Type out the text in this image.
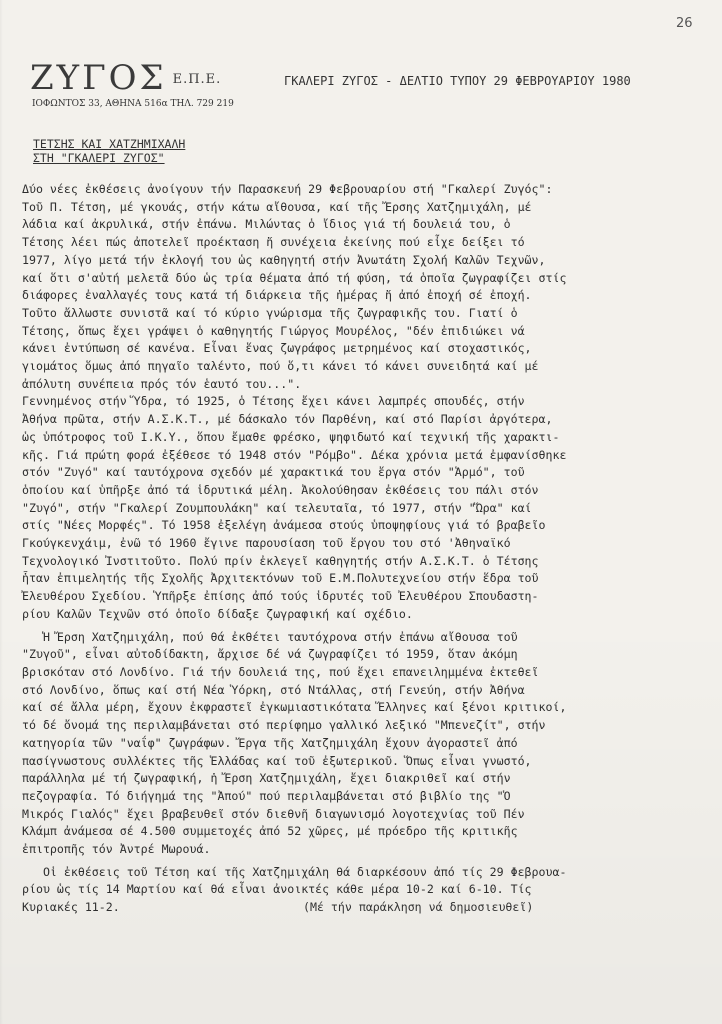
26
ΖΥΓΟΣ Ε.Π.Ε.
ΙΟΦΩΝΤΟΣ 33, ΑΘΗΝΑ 516α ΤΗΛ. 729 219
ΓΚΑΛΕΡΙ ΖΥΓΟΣ - ΔΕΛΤΙΟ ΤΥΠΟΥ 29 ΦΕΒΡΟΥΑΡΙΟΥ 1980
ΤΕΤΣΗΣ ΚΑΙ ΧΑΤΖΗΜΙΧΑΛΗ
ΣΤΗ "ΓΚΑΛΕΡΙ ΖΥΓΟΣ"
Δύο νέες ἐκθέσεις ἀνοίγουν τήν Παρασκευή 29 Φεβρουαρίου στή "Γκαλερί Ζυγός":
Τοῦ Π. Τέτση, μέ γκουάς, στήν κάτω αἴθουσα, καί τῆς Ἔρσης Χατζημιχάλη, μέ
λάδια καί ἀκρυλικά, στήν ἐπάνω. Μιλώντας ὁ ἴδιος γιά τή δουλειά του, ὁ
Τέτσης λέει πώς ἀποτελεῖ προέκταση ἤ συνέχεια ἐκείνης πού εἶχε δείξει τό
1977, λίγο μετά τήν ἐκλογή του ὡς καθηγητή στήν Ἀνωτάτη Σχολή Καλῶν Τεχνῶν,
καί ὅτι σ'αὐτή μελετᾶ δύο ὡς τρία θέματα ἀπό τή φύση, τά ὁποῖα ζωγραφίζει στίς
διάφορες ἐναλλαγές τους κατά τή διάρκεια τῆς ἡμέρας ἤ ἀπό ἐποχή σέ ἐποχή.
Τοῦτο ἄλλωστε συνιστᾶ καί τό κύριο γνώρισμα τῆς ζωγραφικῆς του. Γιατί ὁ
Τέτσης, ὅπως ἔχει γράψει ὁ καθηγητής Γιώργος Μουρέλος, "δέν ἐπιδιώκει νά
κάνει ἐντύπωση σέ κανένα. Εἶναι ἕνας ζωγράφος μετρημένος καί στοχαστικός,
γιομάτος ὅμως ἀπό πηγαῖο ταλέντο, πού ὅ,τι κάνει τό κάνει συνειδητά καί μέ
ἀπόλυτη συνέπεια πρός τόν ἑαυτό του...".
Γεννημένος στήν Ὕδρα, τό 1925, ὁ Τέτσης ἔχει κάνει λαμπρές σπουδές, στήν
Ἀθήνα πρῶτα, στήν Α.Σ.Κ.Τ., μέ δάσκαλο τόν Παρθένη, καί στό Παρίσι ἀργότερα,
ὡς ὑπότροφος τοῦ Ι.Κ.Υ., ὅπου ἔμαθε φρέσκο, ψηφιδωτό καί τεχνική τῆς χαρακτι-
κῆς. Γιά πρώτη φορά ἐξέθεσε τό 1948 στόν "Ρόμβο". Δέκα χρόνια μετά ἐμφανίσθηκε
στόν "Ζυγό" καί ταυτόχρονα σχεδόν μέ χαρακτικά του ἔργα στόν "Ἁρμό", τοῦ
ὁποίου καί ὑπῆρξε ἀπό τά ἱδρυτικά μέλη. Ἀκολούθησαν ἐκθέσεις του πάλι στόν
"Ζυγό", στήν "Γκαλερί Ζουμπουλάκη" καί τελευταῖα, τό 1977, στήν "Ὥρα" καί
στίς "Νέες Μορφές". Τό 1958 ἐξελέγη ἀνάμεσα στούς ὑποψηφίους γιά τό βραβεῖο
Γκούγκενχάιμ, ἐνῶ τό 1960 ἔγινε παρουσίαση τοῦ ἔργου του στό 'Ἀθηναϊκό
Τεχνολογικό Ἰνστιτοῦτο. Πολύ πρίν ἐκλεγεῖ καθηγητής στήν Α.Σ.Κ.Τ. ὁ Τέτσης
ἦταν ἐπιμελητής τῆς Σχολῆς Ἀρχιτεκτόνων τοῦ Ε.Μ.Πολυτεχνείου στήν ἕδρα τοῦ
Ἐλευθέρου Σχεδίου. Ὑπῆρξε ἐπίσης ἀπό τούς ἱδρυτές τοῦ Ἐλευθέρου Σπουδαστη-
ρίου Καλῶν Τεχνῶν στό ὁποῖο δίδαξε ζωγραφική καί σχέδιο.
Ἡ Ἔρση Χατζημιχάλη, πού θά ἐκθέτει ταυτόχρονα στήν ἐπάνω αἴθουσα τοῦ
"Ζυγοῦ", εἶναι αὐτοδίδακτη, ἄρχισε δέ νά ζωγραφίζει τό 1959, ὅταν ἀκόμη
βρισκόταν στό Λονδίνο. Γιά τήν δουλειά της, πού ἔχει επανειλημμένα ἐκτεθεῖ
στό Λονδίνο, ὅπως καί στή Νέα Ὑόρκη, στό Ντάλλας, στή Γενεύη, στήν Ἀθήνα
καί σέ ἄλλα μέρη, ἔχουν ἐκφραστεῖ ἐγκωμιαστικότατα Ἕλληνες καί ξένοι κριτικοί,
τό δέ ὄνομά της περιλαμβάνεται στό περίφημο γαλλικό λεξικό "Μπενεζίτ", στήν
κατηγορία τῶν "ναΐφ" ζωγράφων. Ἔργα τῆς Χατζημιχάλη ἔχουν ἀγοραστεῖ ἀπό
πασίγνωστους συλλέκτες τῆς Ἑλλάδας καί τοῦ ἐξωτερικοῦ. Ὅπως εἶναι γνωστό,
παράλληλα μέ τή ζωγραφική, ἡ Ἔρση Χατζημιχάλη, ἔχει διακριθεῖ καί στήν
πεζογραφία. Τό διήγημά της "Ἀπού" πού περιλαμβάνεται στό βιβλίο της "Ὁ
Μικρός Γιαλός" ἔχει βραβευθεῖ στόν διεθνῆ διαγωνισμό λογοτεχνίας τοῦ Πέν
Κλάμπ ἀνάμεσα σέ 4.500 συμμετοχές ἀπό 52 χῶρες, μέ πρόεδρο τῆς κριτικῆς
ἐπιτροπῆς τόν Ἀντρέ Μωρουά.
Οἱ ἐκθέσεις τοῦ Τέτση καί τῆς Χατζημιχάλη θά διαρκέσουν ἀπό τίς 29 Φεβρουα-
ρίου ὡς τίς 14 Μαρτίου καί θά εἶναι ἀνοικτές κάθε μέρα 10-2 καί 6-10. Τίς
Κυριακές 11-2.	(Μέ τήν παράκληση νά δημοσιευθεῖ)
